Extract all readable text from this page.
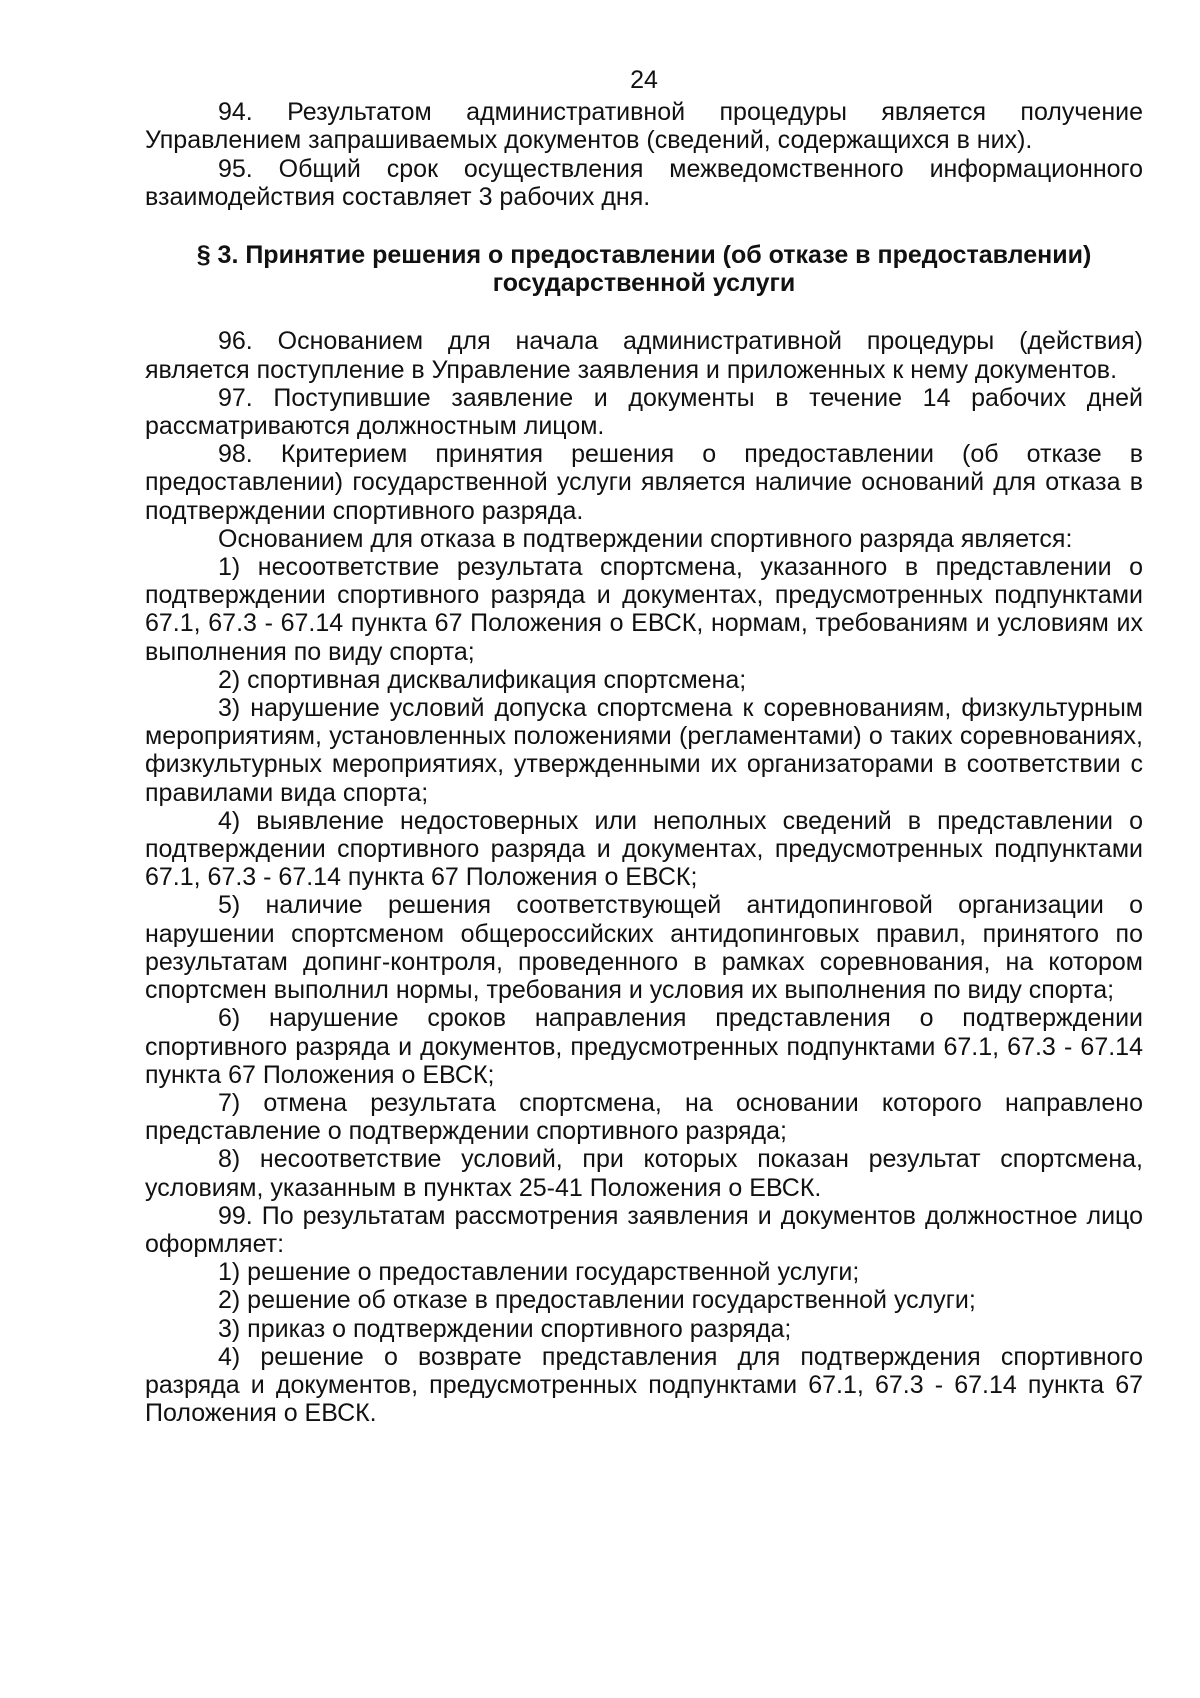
24

94. Результатом административной процедуры является получение Управлением запрашиваемых документов (сведений, содержащихся в них).

95. Общий срок осуществления межведомственного информационного взаимодействия составляет 3 рабочих дня.

§ 3. Принятие решения о предоставлении (об отказе в предоставлении) государственной услуги

96. Основанием для начала административной процедуры (действия) является поступление в Управление заявления и приложенных к нему документов.

97. Поступившие заявление и документы в течение 14 рабочих дней рассматриваются должностным лицом.

98. Критерием принятия решения о предоставлении (об отказе в предоставлении) государственной услуги является наличие оснований для отказа в подтверждении спортивного разряда.

Основанием для отказа в подтверждении спортивного разряда является:

1) несоответствие результата спортсмена, указанного в представлении о подтверждении спортивного разряда и документах, предусмотренных подпунктами 67.1, 67.3 - 67.14 пункта 67 Положения о ЕВСК, нормам, требованиям и условиям их выполнения по виду спорта;

2) спортивная дисквалификация спортсмена;

3) нарушение условий допуска спортсмена к соревнованиям, физкультурным мероприятиям, установленных положениями (регламентами) о таких соревнованиях, физкультурных мероприятиях, утвержденными их организаторами в соответствии с правилами вида спорта;

4) выявление недостоверных или неполных сведений в представлении о подтверждении спортивного разряда и документах, предусмотренных подпунктами 67.1, 67.3 - 67.14 пункта 67 Положения о ЕВСК;

5) наличие решения соответствующей антидопинговой организации о нарушении спортсменом общероссийских антидопинговых правил, принятого по результатам допинг-контроля, проведенного в рамках соревнования, на котором спортсмен выполнил нормы, требования и условия их выполнения по виду спорта;

6) нарушение сроков направления представления о подтверждении спортивного разряда и документов, предусмотренных подпунктами 67.1, 67.3 - 67.14 пункта 67 Положения о ЕВСК;

7) отмена результата спортсмена, на основании которого направлено представление о подтверждении спортивного разряда;

8) несоответствие условий, при которых показан результат спортсмена, условиям, указанным в пунктах 25-41 Положения о ЕВСК.

99. По результатам рассмотрения заявления и документов должностное лицо оформляет:

1) решение о предоставлении государственной услуги;

2) решение об отказе в предоставлении государственной услуги;

3) приказ о подтверждении спортивного разряда;

4) решение о возврате представления для подтверждения спортивного разряда и документов, предусмотренных подпунктами 67.1, 67.3 - 67.14 пункта 67 Положения о ЕВСК.
